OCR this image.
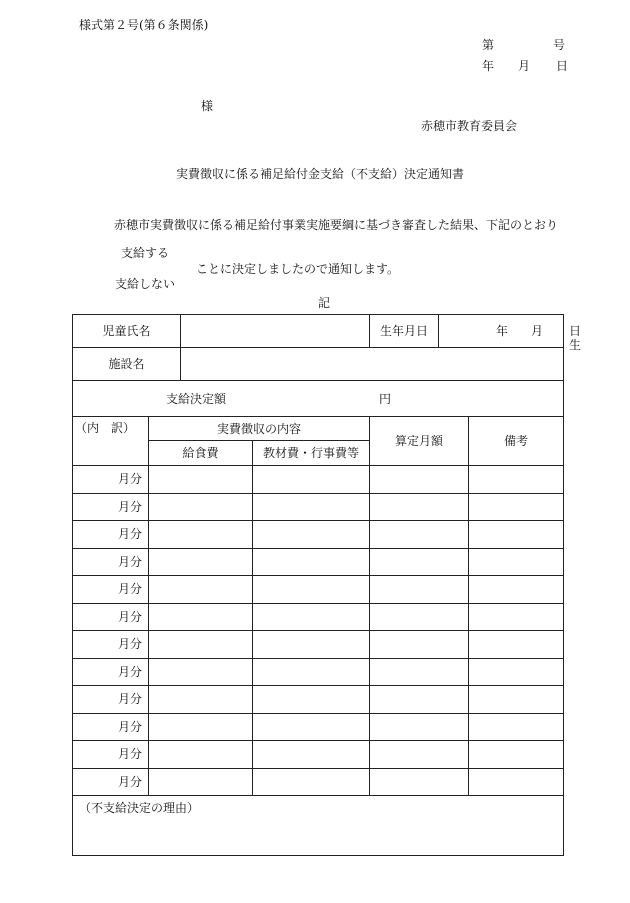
様式第２号(第６条関係)
第	号
年 月 日
様
赤穂市教育委員会
実費徴収に係る補足給付金支給（不支給）決定通知書
赤穂市実費徴収に係る補足給付事業実施要綱に基づき審査した結果、下記のとおり
支給する
ことに決定しましたので通知します。
支給しない
記
児童氏名				生年月日	年 月 日生	

施設名						

支給決定額 円						

（内　訳）	実費徴収の内容			算定月額		備考
	給食費		教材費・行事費等			
月分						
月分						
月分						
月分						
月分						
月分						
月分						
月分						
月分						
月分						
月分						
月分						
（不支給決定の理由）						
